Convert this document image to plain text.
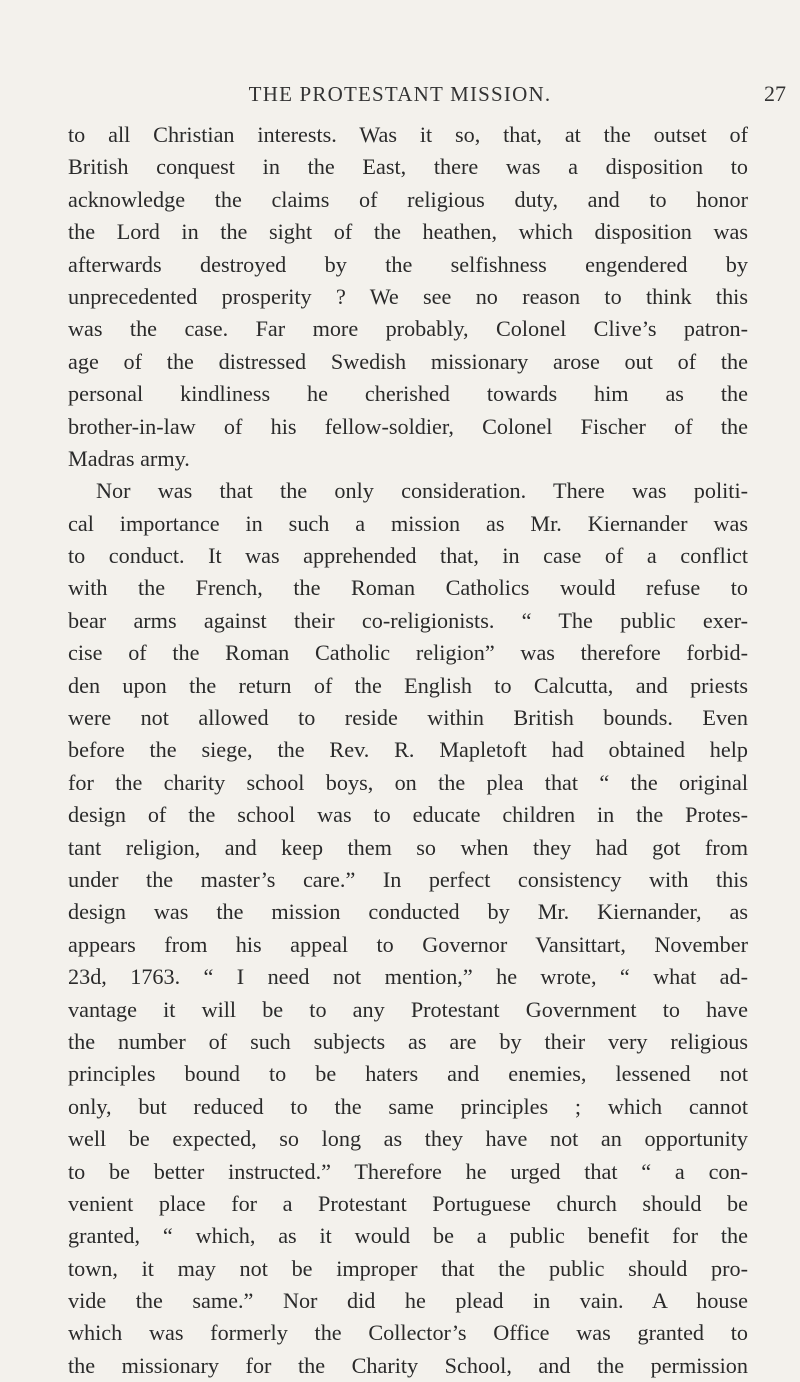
THE PROTESTANT MISSION.	27
to all Christian interests. Was it so, that, at the outset of
British conquest in the East, there was a disposition to
acknowledge the claims of religious duty, and to honor
the Lord in the sight of the heathen, which disposition was
afterwards destroyed by the selfishness engendered by
unprecedented prosperity ? We see no reason to think this
was the case. Far more probably, Colonel Clive’s patron-
age of the distressed Swedish missionary arose out of the
personal kindliness he cherished towards him as the
brother-in-law of his fellow-soldier, Colonel Fischer of the
Madras army.
Nor was that the only consideration. There was politi-
cal importance in such a mission as Mr. Kiernander was
to conduct. It was apprehended that, in case of a conflict
with the French, the Roman Catholics would refuse to
bear arms against their co-religionists. “ The public exer-
cise of the Roman Catholic religion” was therefore forbid-
den upon the return of the English to Calcutta, and priests
were not allowed to reside within British bounds. Even
before the siege, the Rev. R. Mapletoft had obtained help
for the charity school boys, on the plea that “ the original
design of the school was to educate children in the Protes-
tant religion, and keep them so when they had got from
under the master’s care.” In perfect consistency with this
design was the mission conducted by Mr. Kiernander, as
appears from his appeal to Governor Vansittart, November
23d, 1763. “ I need not mention,” he wrote, “ what ad-
vantage it will be to any Protestant Government to have
the number of such subjects as are by their very religious
principles bound to be haters and enemies, lessened not
only, but reduced to the same principles ; which cannot
well be expected, so long as they have not an opportunity
to be better instructed.” Therefore he urged that “ a con-
venient place for a Protestant Portuguese church should be
granted, “ which, as it would be a public benefit for the
town, it may not be improper that the public should pro-
vide the same.” Nor did he plead in vain. A house
which was formerly the Collector’s Office was granted to
the missionary for the Charity School, and the permission
